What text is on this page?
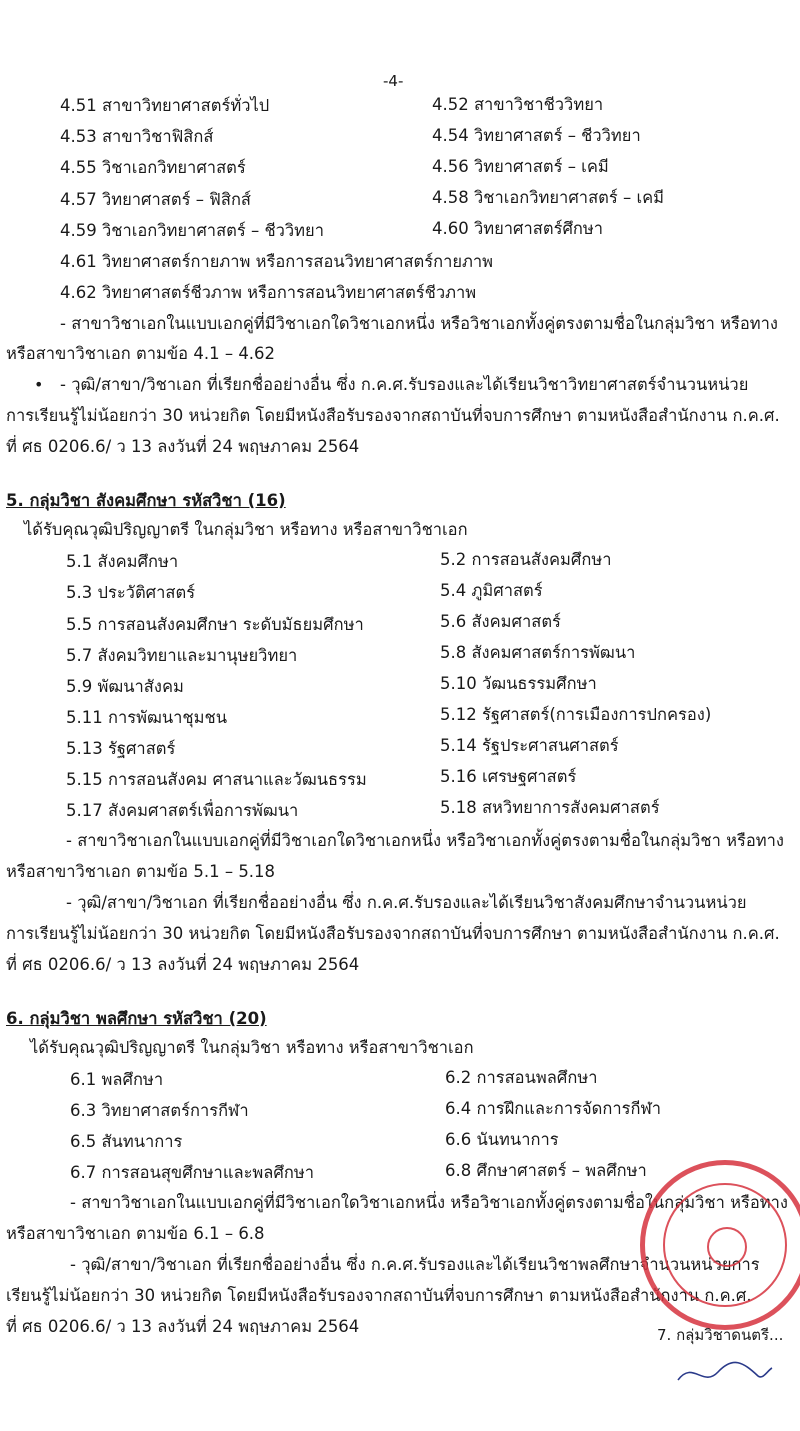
-4-
4.51 สาขาวิทยาศาสตร์ทั่วไป	4.52 สาขาวิชาชีววิทยา
4.53 สาขาวิชาฟิสิกส์	4.54 วิทยาศาสตร์ – ชีววิทยา
4.55 วิชาเอกวิทยาศาสตร์	4.56 วิทยาศาสตร์ – เคมี
4.57 วิทยาศาสตร์ – ฟิสิกส์	4.58 วิชาเอกวิทยาศาสตร์ – เคมี
4.59 วิชาเอกวิทยาศาสตร์ – ชีววิทยา	4.60 วิทยาศาสตร์ศึกษา
4.61 วิทยาศาสตร์กายภาพ หรือการสอนวิทยาศาสตร์กายภาพ
4.62 วิทยาศาสตร์ชีวภาพ หรือการสอนวิทยาศาสตร์ชีวภาพ
- สาขาวิชาเอกในแบบเอกคู่ที่มีวิชาเอกใดวิชาเอกหนึ่ง หรือวิชาเอกทั้งคู่ตรงตามชื่อในกลุ่มวิชา หรือทาง
หรือสาขาวิชาเอก ตามข้อ 4.1 – 4.62
• - วุฒิ/สาขา/วิชาเอก ที่เรียกชื่ออย่างอื่น ซึ่ง ก.ค.ศ.รับรองและได้เรียนวิชาวิทยาศาสตร์จำนวนหน่วย
การเรียนรู้ไม่น้อยกว่า 30 หน่วยกิต โดยมีหนังสือรับรองจากสถาบันที่จบการศึกษา ตามหนังสือสำนักงาน ก.ค.ศ.
ที่ ศธ 0206.6/ ว 13 ลงวันที่ 24 พฤษภาคม 2564
5. กลุ่มวิชา สังคมศึกษา รหัสวิชา (16)
ได้รับคุณวุฒิปริญญาตรี ในกลุ่มวิชา หรือทาง หรือสาขาวิชาเอก
5.1 สังคมศึกษา	5.2 การสอนสังคมศึกษา
5.3 ประวัติศาสตร์	5.4 ภูมิศาสตร์
5.5 การสอนสังคมศึกษา ระดับมัธยมศึกษา	5.6 สังคมศาสตร์
5.7 สังคมวิทยาและมานุษยวิทยา	5.8 สังคมศาสตร์การพัฒนา
5.9 พัฒนาสังคม	5.10 วัฒนธรรมศึกษา
5.11 การพัฒนาชุมชน	5.12 รัฐศาสตร์(การเมืองการปกครอง)
5.13 รัฐศาสตร์	5.14 รัฐประศาสนศาสตร์
5.15 การสอนสังคม ศาสนาและวัฒนธรรม	5.16 เศรษฐศาสตร์
5.17 สังคมศาสตร์เพื่อการพัฒนา	5.18 สหวิทยาการสังคมศาสตร์
- สาขาวิชาเอกในแบบเอกคู่ที่มีวิชาเอกใดวิชาเอกหนึ่ง หรือวิชาเอกทั้งคู่ตรงตามชื่อในกลุ่มวิชา หรือทาง
หรือสาขาวิชาเอก ตามข้อ 5.1 – 5.18
- วุฒิ/สาขา/วิชาเอก ที่เรียกชื่ออย่างอื่น ซึ่ง ก.ค.ศ.รับรองและได้เรียนวิชาสังคมศึกษาจำนวนหน่วย
การเรียนรู้ไม่น้อยกว่า 30 หน่วยกิต โดยมีหนังสือรับรองจากสถาบันที่จบการศึกษา ตามหนังสือสำนักงาน ก.ค.ศ.
ที่ ศธ 0206.6/ ว 13 ลงวันที่ 24 พฤษภาคม 2564
6. กลุ่มวิชา พลศึกษา รหัสวิชา (20)
ได้รับคุณวุฒิปริญญาตรี ในกลุ่มวิชา หรือทาง หรือสาขาวิชาเอก
6.1 พลศึกษา	6.2 การสอนพลศึกษา
6.3 วิทยาศาสตร์การกีฬา	6.4 การฝึกและการจัดการกีฬา
6.5 สันทนาการ	6.6 นันทนาการ
6.7 การสอนสุขศึกษาและพลศึกษา	6.8 ศึกษาศาสตร์ – พลศึกษา
- สาขาวิชาเอกในแบบเอกคู่ที่มีวิชาเอกใดวิชาเอกหนึ่ง หรือวิชาเอกทั้งคู่ตรงตามชื่อในกลุ่มวิชา หรือทาง
หรือสาขาวิชาเอก ตามข้อ 6.1 – 6.8
- วุฒิ/สาขา/วิชาเอก ที่เรียกชื่ออย่างอื่น ซึ่ง ก.ค.ศ.รับรองและได้เรียนวิชาพลศึกษาจำนวนหน่วยการ
เรียนรู้ไม่น้อยกว่า 30 หน่วยกิต โดยมีหนังสือรับรองจากสถาบันที่จบการศึกษา ตามหนังสือสำนักงาน ก.ค.ศ.
ที่ ศธ 0206.6/ ว 13 ลงวันที่ 24 พฤษภาคม 2564	7. กลุ่มวิชาดนตรี...
